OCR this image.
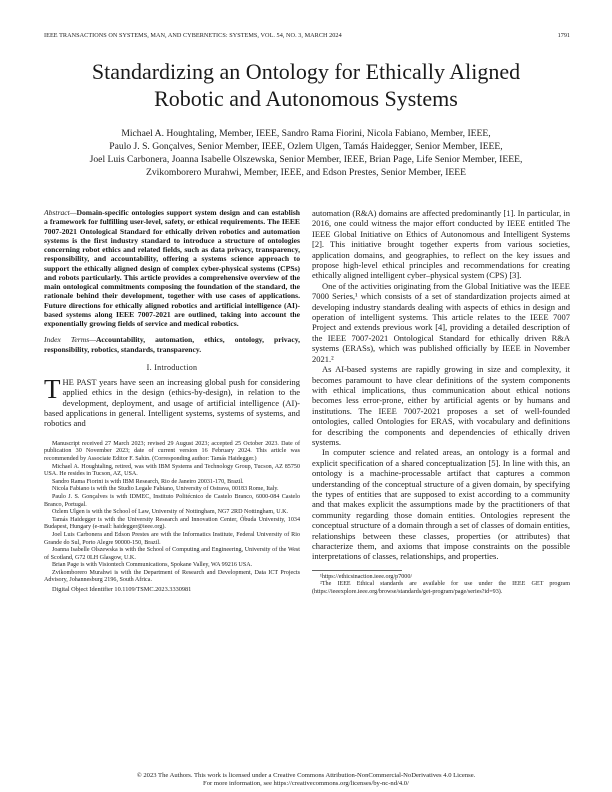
IEEE TRANSACTIONS ON SYSTEMS, MAN, AND CYBERNETICS: SYSTEMS, VOL. 54, NO. 3, MARCH 2024	1791
Standardizing an Ontology for Ethically Aligned
Robotic and Autonomous Systems

Michael A. Houghtaling, Member, IEEE, Sandro Rama Fiorini, Nicola Fabiano, Member, IEEE,

Paulo J. S. Gonçalves, Senior Member, IEEE, Ozlem Ulgen, Tamás Haidegger, Senior Member, IEEE,

Joel Luis Carbonera, Joanna Isabelle Olszewska, Senior Member, IEEE, Brian Page, Life Senior Member, IEEE,

Zvikomborero Murahwi, Member, IEEE, and Edson Prestes, Senior Member, IEEE

Abstract—Domain-specific ontologies support system design and can establish a framework for fulfilling user-level, safety, or ethical requirements. The IEEE 7007-2021 Ontological Standard for ethically driven robotics and automation systems is the first industry standard to introduce a structure of ontologies concerning robot ethics and related fields, such as data privacy, transparency, responsibility, and accountability, offering a systems science approach to support the ethically aligned design of complex cyber-physical systems (CPSs) and robots particularly. This article provides a comprehensive overview of the main ontological commitments composing the foundation of the standard, the rationale behind their development, together with use cases of applications. Future directions for ethically aligned robotics and artificial intelligence (AI)-based systems along IEEE 7007-2021 are outlined, taking into account the exponentially growing fields of service and medical robotics.

Index Terms—Accountability, automation, ethics, ontology, privacy, responsibility, robotics, standards, transparency.

I. Introduction

THE PAST years have seen an increasing global push for considering applied ethics in the design (ethics-by-design), in relation to the development, deployment, and usage of artificial intelligence (AI)-based applications in general. Intelligent systems, systems of systems, and robotics and

Manuscript received 27 March 2023; revised 29 August 2023; accepted 25 October 2023. Date of publication 30 November 2023; date of current version 16 February 2024. This article was recommended by Associate Editor F. Sahin. (Corresponding author: Tamás Haidegger.)

Michael A. Houghtaling, retired, was with IBM Systems and Technology Group, Tucson, AZ 85750 USA. He resides in Tucson, AZ, USA.

Sandro Rama Fiorini is with IBM Research, Rio de Janeiro 20031-170, Brazil.

Nicola Fabiano is with the Studio Legale Fabiano, University of Ostrava, 00183 Rome, Italy.

Paulo J. S. Gonçalves is with IDMEC, Instituto Politécnico de Castelo Branco, 6000-084 Castelo Branco, Portugal.

Ozlem Ulgen is with the School of Law, University of Nottingham, NG7 2RD Nottingham, U.K.

Tamás Haidegger is with the University Research and Innovation Center, Óbuda University, 1034 Budapest, Hungary (e-mail: haidegger@ieee.org).

Joel Luis Carbonera and Edson Prestes are with the Informatics Institute, Federal University of Rio Grande do Sul, Porto Alegre 90000-150, Brazil.

Joanna Isabelle Olszewska is with the School of Computing and Engineering, University of the West of Scotland, G72 0LH Glasgow, U.K.

Brian Page is with Visiontech Communications, Spokane Valley, WA 99216 USA.

Zvikomborero Murahwi is with the Department of Research and Development, Data ICT Projects Advisory, Johannesburg 2196, South Africa.

Digital Object Identifier 10.1109/TSMC.2023.3330981

automation (R&A) domains are affected predominantly [1]. In particular, in 2016, one could witness the major effort conducted by IEEE entitled The IEEE Global Initiative on Ethics of Autonomous and Intelligent Systems [2]. This initiative brought together experts from various societies, application domains, and geographies, to reflect on the key issues and propose high-level ethical principles and recommendations for creating ethically aligned intelligent cyber–physical system (CPS) [3].

One of the activities originating from the Global Initiative was the IEEE 7000 Series,¹ which consists of a set of standardization projects aimed at developing industry standards dealing with aspects of ethics in design and operation of intelligent systems. This article relates to the IEEE 7007 Project and extends previous work [4], providing a detailed description of the IEEE 7007-2021 Ontological Standard for ethically driven R&A systems (ERASs), which was published officially by IEEE in November 2021.²

As AI-based systems are rapidly growing in size and complexity, it becomes paramount to have clear definitions of the system components with ethical implications, thus communication about ethical notions becomes less error-prone, either by artificial agents or by humans and institutions. The IEEE 7007-2021 proposes a set of well-founded ontologies, called Ontologies for ERAS, with vocabulary and definitions for describing the components and dependencies of ethically driven systems.

In computer science and related areas, an ontology is a formal and explicit specification of a shared conceptualization [5]. In line with this, an ontology is a machine-processable artifact that captures a common understanding of the conceptual structure of a given domain, by specifying the types of entities that are supposed to exist according to a community and that makes explicit the assumptions made by the practitioners of that community regarding those domain entities. Ontologies represent the conceptual structure of a domain through a set of classes of domain entities, relationships between these classes, properties (or attributes) that characterize them, and axioms that impose constraints on the possible interpretations of classes, relationships, and properties.

¹https://ethicsinaction.ieee.org/p7000/

²The IEEE Ethical standards are available for use under the IEEE GET program (https://ieeexplore.ieee.org/browse/standards/get-program/page/series?id=93).

© 2023 The Authors. This work is licensed under a Creative Commons Attribution-NonCommercial-NoDerivatives 4.0 License.
For more information, see https://creativecommons.org/licenses/by-nc-nd/4.0/
